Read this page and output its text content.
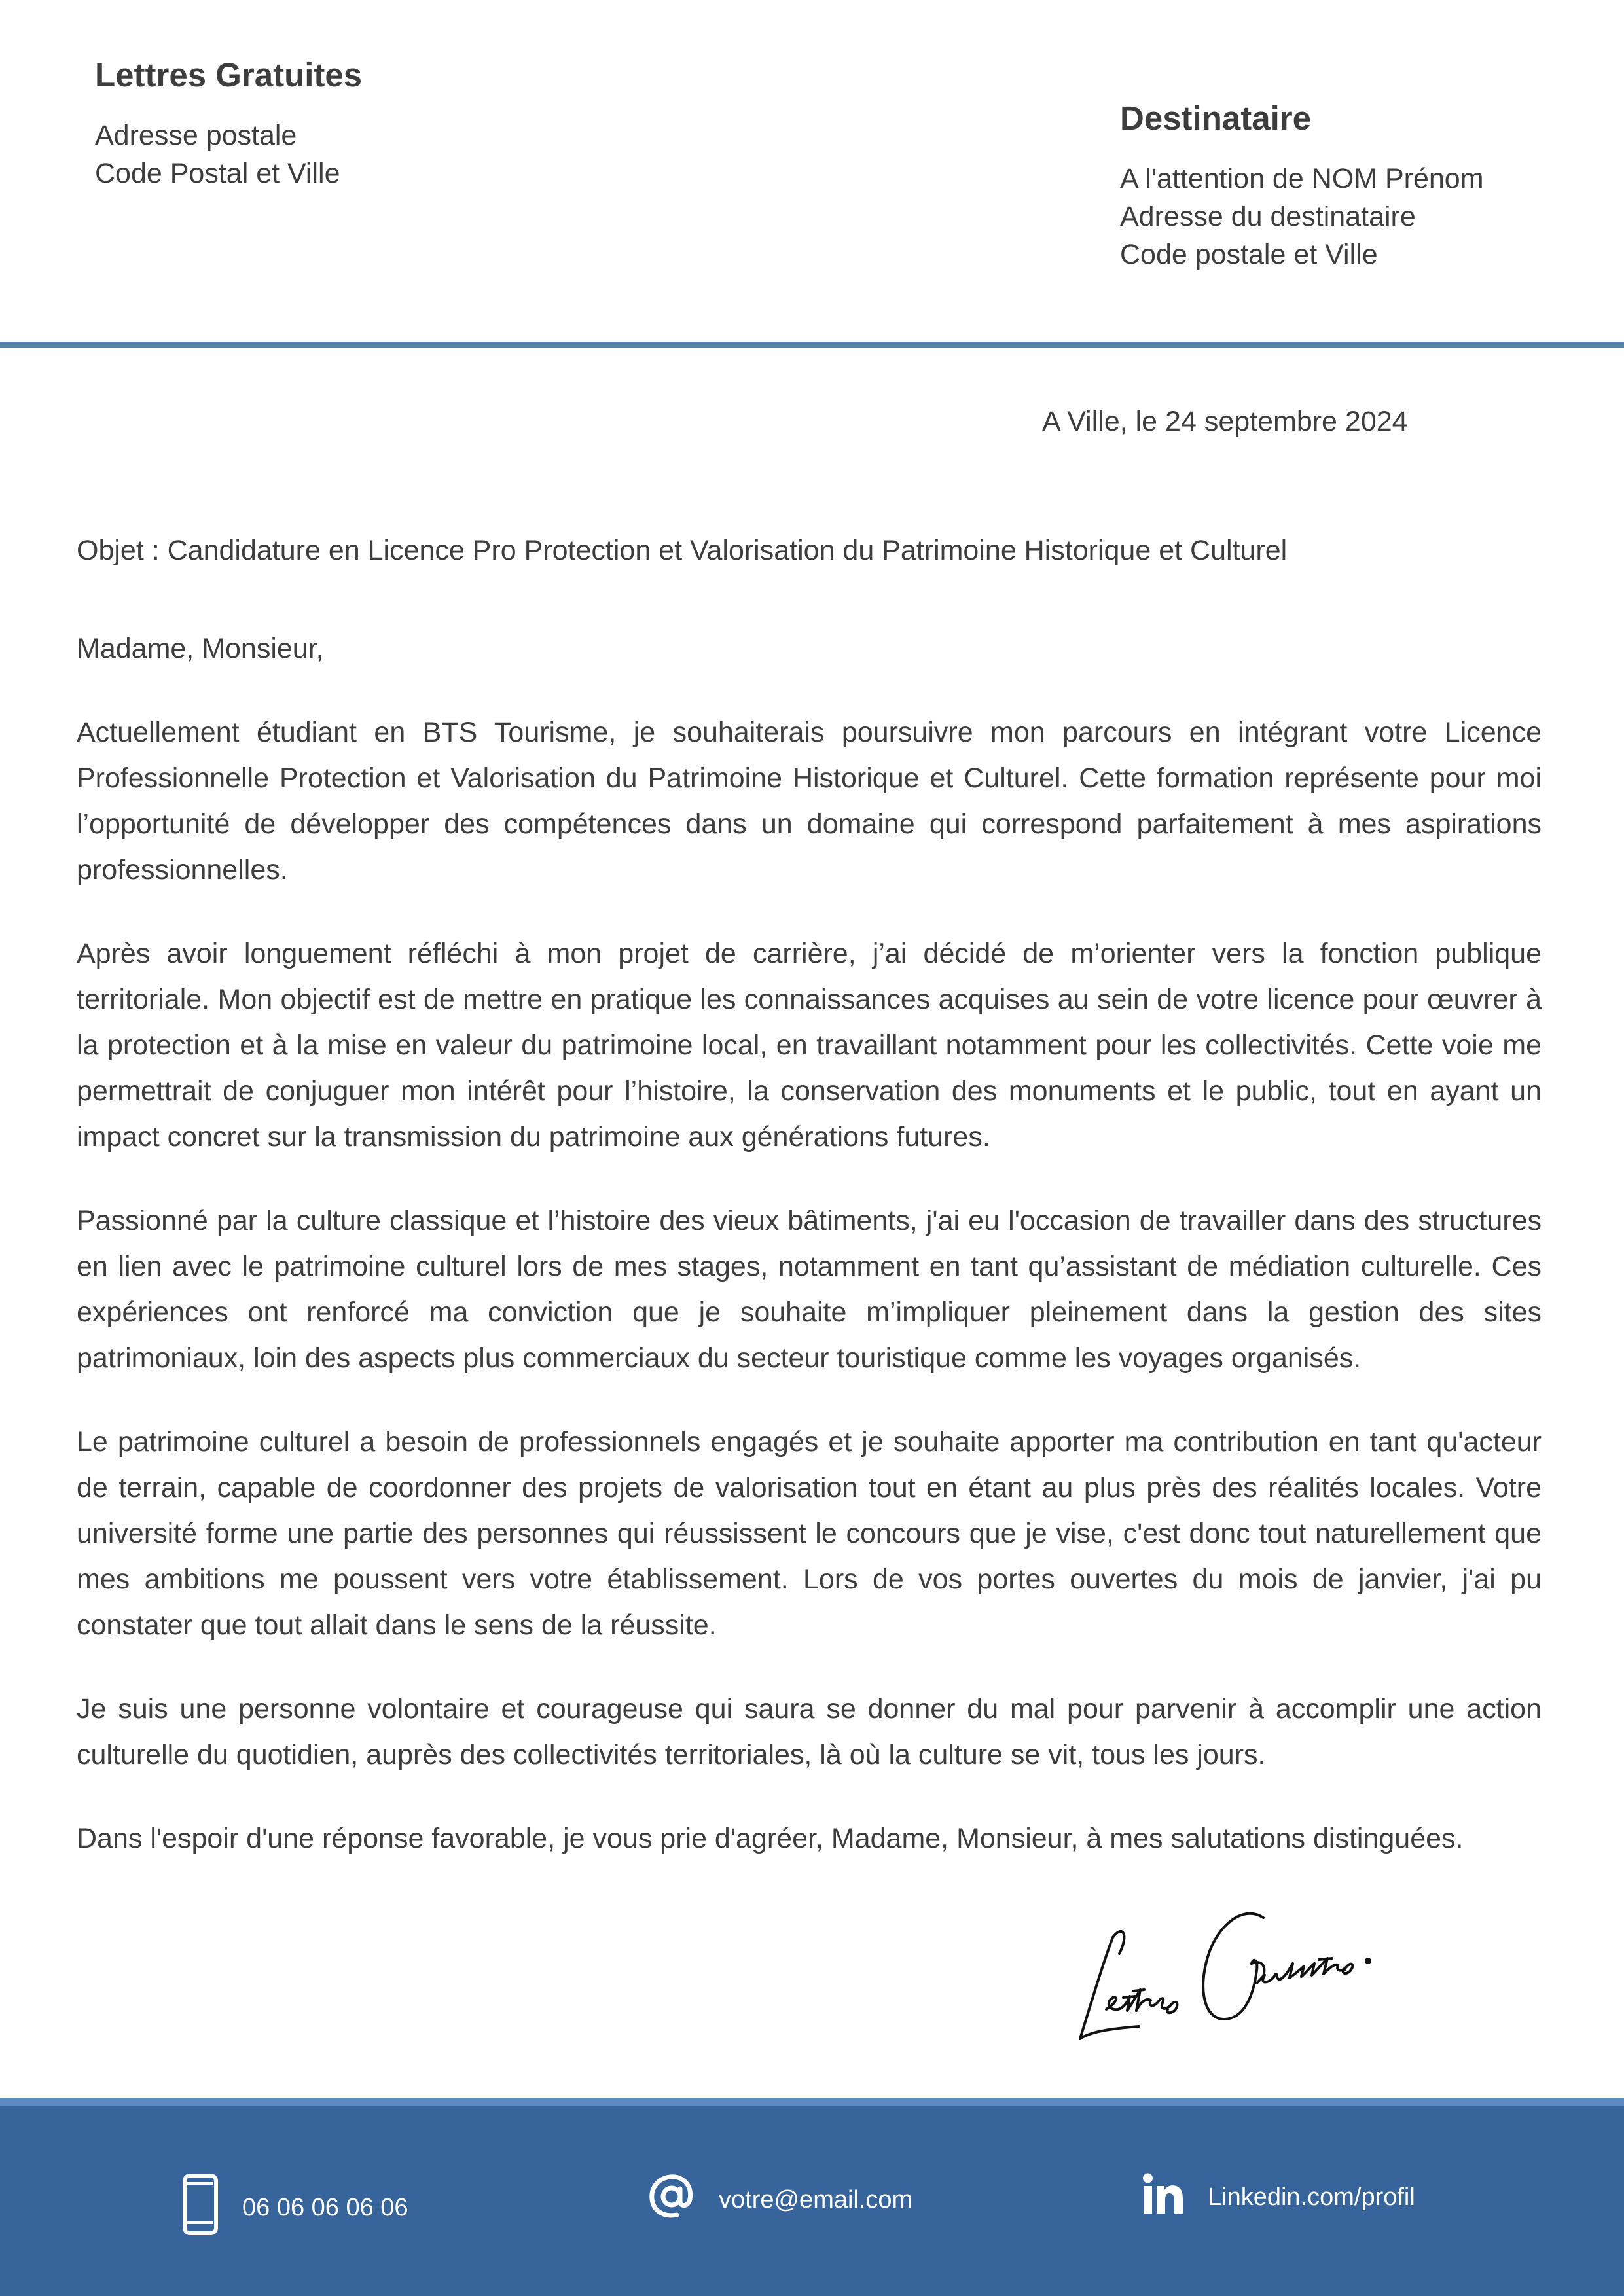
Lettres Gratuites
Adresse postale
Code Postal et Ville
Destinataire
A l'attention de NOM Prénom
Adresse du destinataire
Code postale et Ville
A Ville, le 24 septembre 2024

Objet : Candidature en Licence Pro Protection et Valorisation du Patrimoine Historique et Culturel

Madame, Monsieur,

Actuellement étudiant en BTS Tourisme, je souhaiterais poursuivre mon parcours en intégrant votre Licence Professionnelle Protection et Valorisation du Patrimoine Historique et Culturel. Cette formation représente pour moi l’opportunité de développer des compétences dans un domaine qui correspond parfaitement à mes aspirations professionnelles.

Après avoir longuement réfléchi à mon projet de carrière, j’ai décidé de m’orienter vers la fonction publique territoriale. Mon objectif est de mettre en pratique les connaissances acquises au sein de votre licence pour œuvrer à la protection et à la mise en valeur du patrimoine local, en travaillant notamment pour les collectivités. Cette voie me permettrait de conjuguer mon intérêt pour l’histoire, la conservation des monuments et le public, tout en ayant un impact concret sur la transmission du patrimoine aux générations futures.

Passionné par la culture classique et l’histoire des vieux bâtiments, j'ai eu l'occasion de travailler dans des structures en lien avec le patrimoine culturel lors de mes stages, notamment en tant qu’assistant de médiation culturelle. Ces expériences ont renforcé ma conviction que je souhaite m’impliquer pleinement dans la gestion des sites patrimoniaux, loin des aspects plus commerciaux du secteur touristique comme les voyages organisés.

Le patrimoine culturel a besoin de professionnels engagés et je souhaite apporter ma contribution en tant qu'acteur de terrain, capable de coordonner des projets de valorisation tout en étant au plus près des réalités locales. Votre université forme une partie des personnes qui réussissent le concours que je vise, c'est donc tout naturellement que mes ambitions me poussent vers votre établissement. Lors de vos portes ouvertes du mois de janvier, j'ai pu constater que tout allait dans le sens de la réussite.

Je suis une personne volontaire et courageuse qui saura se donner du mal pour parvenir à accomplir une action culturelle du quotidien, auprès des collectivités territoriales, là où la culture se vit, tous les jours.

Dans l'espoir d'une réponse favorable, je vous prie d'agréer, Madame, Monsieur, à mes salutations distinguées.

06 06 06 06 06	votre@email.com	Linkedin.com/profil
